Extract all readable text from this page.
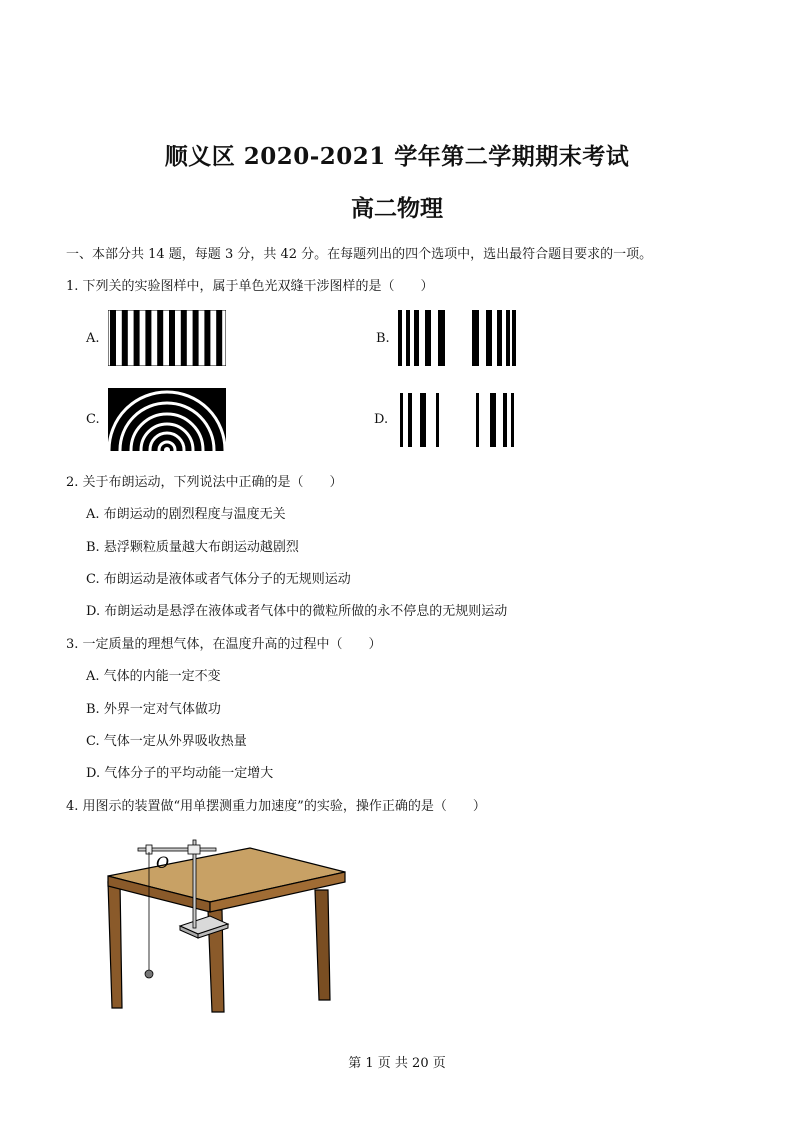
顺义区 2020-2021 学年第二学期期末考试
高二物理
一、本部分共 14 题，每题 3 分，共 42 分。在每题列出的四个选项中，选出最符合题目要求的一项。
1. 下列关的实验图样中，属于单色光双缝干涉图样的是（　　）
A.	B.
C.	D.
2. 关于布朗运动，下列说法中正确的是（　　）
A. 布朗运动的剧烈程度与温度无关
B. 悬浮颗粒质量越大布朗运动越剧烈
C. 布朗运动是液体或者气体分子的无规则运动
D. 布朗运动是悬浮在液体或者气体中的微粒所做的永不停息的无规则运动
3. 一定质量的理想气体，在温度升高的过程中（　　）
A. 气体的内能一定不变
B. 外界一定对气体做功
C. 气体一定从外界吸收热量
D. 气体分子的平均动能一定增大
4. 用图示的装置做“用单摆测重力加速度”的实验，操作正确的是（　　）
O
第 1 页 共 20 页
